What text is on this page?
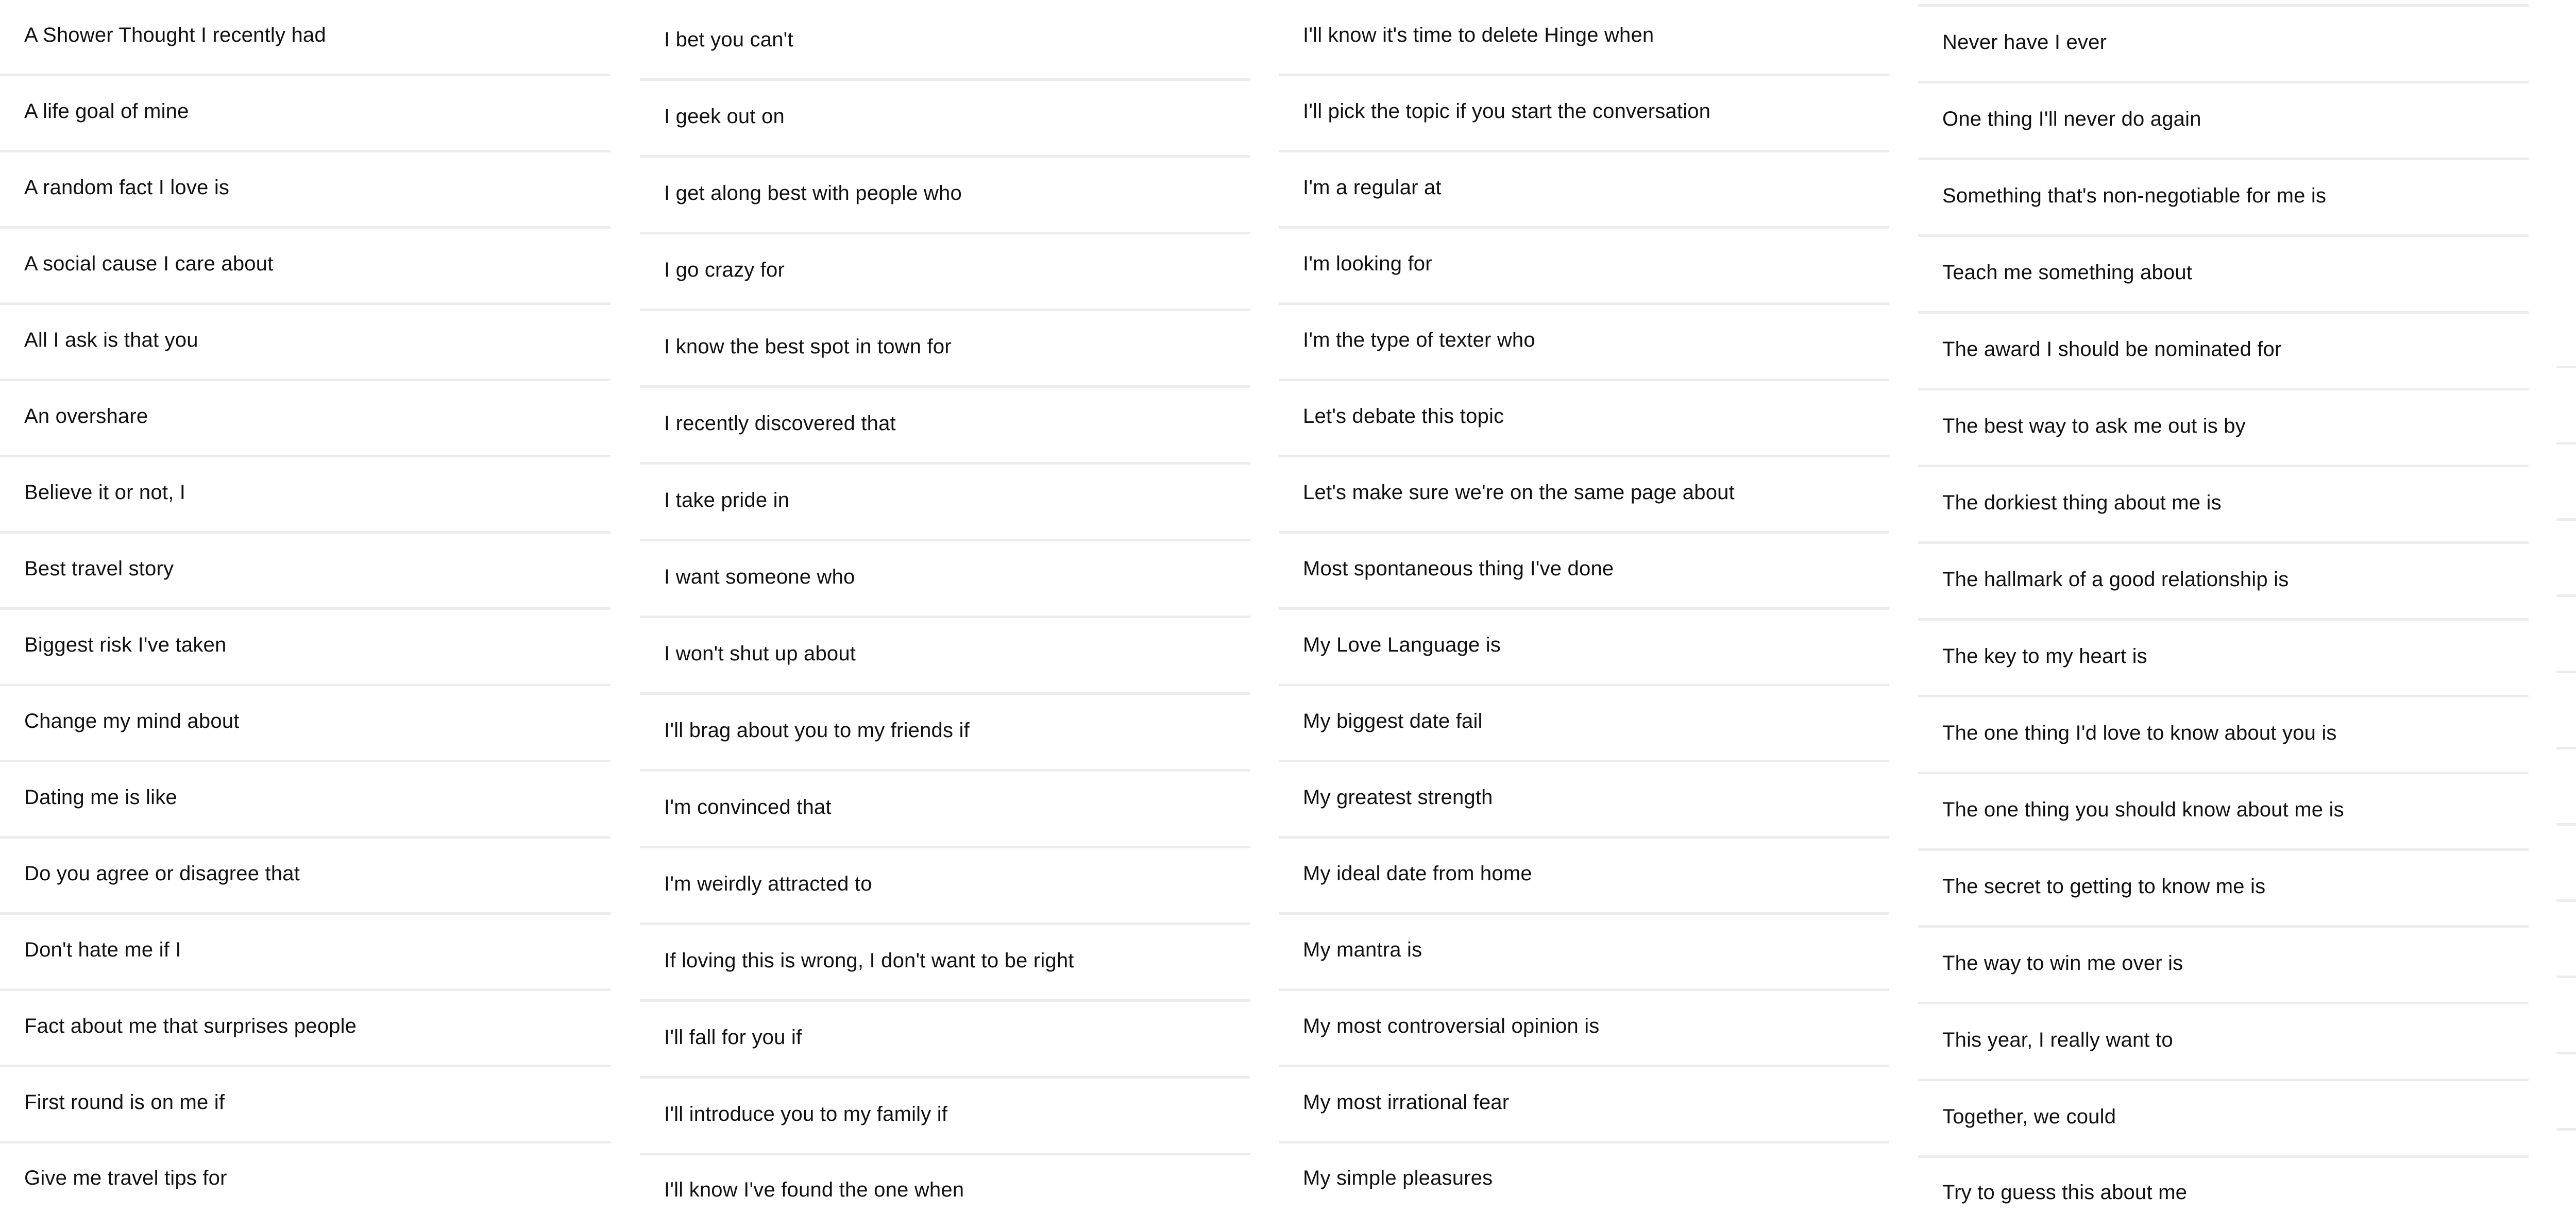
A Shower Thought I recently had
A life goal of mine
A random fact I love is
A social cause I care about
All I ask is that you
An overshare
Believe it or not, I
Best travel story
Biggest risk I've taken
Change my mind about
Dating me is like
Do you agree or disagree that
Don't hate me if I
Fact about me that surprises people
First round is on me if
Give me travel tips for
I bet you can't
I geek out on
I get along best with people who
I go crazy for
I know the best spot in town for
I recently discovered that
I take pride in
I want someone who
I won't shut up about
I'll brag about you to my friends if
I'm convinced that
I'm weirdly attracted to
If loving this is wrong, I don't want to be right
I'll fall for you if
I'll introduce you to my family if
I'll know I've found the one when
I'll know it's time to delete Hinge when
I'll pick the topic if you start the conversation
I'm a regular at
I'm looking for
I'm the type of texter who
Let's debate this topic
Let's make sure we're on the same page about
Most spontaneous thing I've done
My Love Language is
My biggest date fail
My greatest strength
My ideal date from home
My mantra is
My most controversial opinion is
My most irrational fear
My simple pleasures
Never have I ever
One thing I'll never do again
Something that's non-negotiable for me is
Teach me something about
The award I should be nominated for
The best way to ask me out is by
The dorkiest thing about me is
The hallmark of a good relationship is
The key to my heart is
The one thing I'd love to know about you is
The one thing you should know about me is
The secret to getting to know me is
The way to win me over is
This year, I really want to
Together, we could
Try to guess this about me
